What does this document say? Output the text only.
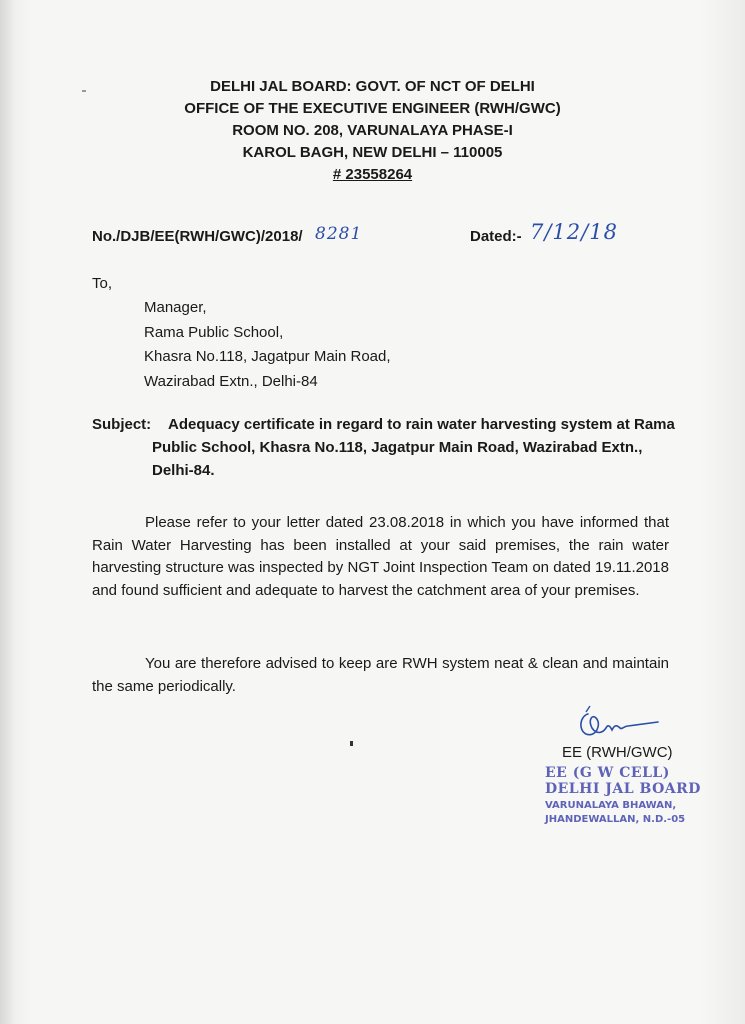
DELHI JAL BOARD: GOVT. OF NCT OF DELHI
OFFICE OF THE EXECUTIVE ENGINEER (RWH/GWC)
ROOM NO. 208, VARUNALAYA PHASE-I
KAROL BAGH, NEW DELHI – 110005
# 23558264
No./DJB/EE(RWH/GWC)/2018/ 8281	Dated:- 7/12/18
To,
Manager,
Rama Public School,
Khasra No.118, Jagatpur Main Road,
Wazirabad Extn., Delhi-84
Subject: Adequacy certificate in regard to rain water harvesting system at Rama
Public School, Khasra No.118, Jagatpur Main Road, Wazirabad Extn.,
Delhi-84.
Please refer to your letter dated 23.08.2018 in which you have informed that Rain Water Harvesting has been installed at your said premises, the rain water harvesting structure was inspected by NGT Joint Inspection Team on dated 19.11.2018 and found sufficient and adequate to harvest the catchment area of your premises.
You are therefore advised to keep are RWH system neat & clean and maintain the same periodically.
EE (RWH/GWC)
EE (G W CELL)
DELHI JAL BOARD
VARUNALAYA BHAWAN,
JHANDEWALLAN, N.D.-05
